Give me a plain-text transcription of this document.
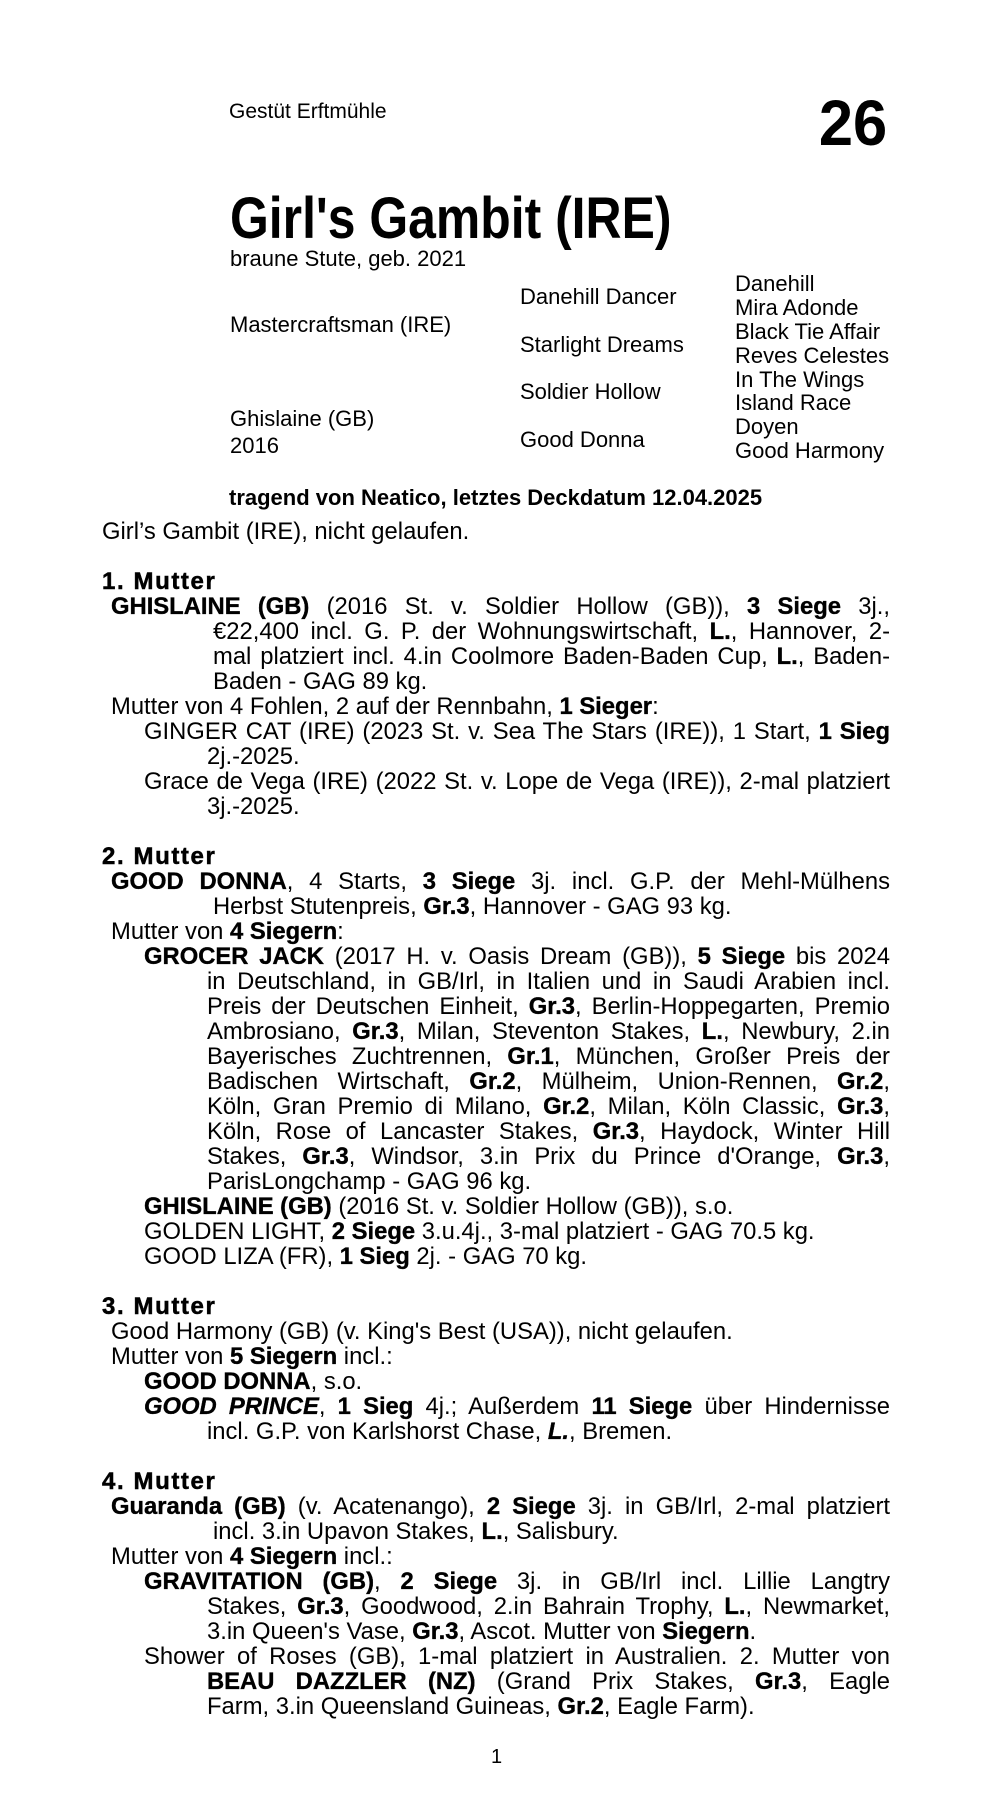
Gestüt Erftmühle	26
Girl's Gambit (IRE)
braune Stute, geb. 2021
Mastercraftsman (IRE)
Ghislaine (GB)
2016
Danehill Dancer
Starlight Dreams
Soldier Hollow
Good Donna
Danehill
Mira Adonde
Black Tie Affair
Reves Celestes
In The Wings
Island Race
Doyen
Good Harmony
tragend von Neatico, letztes Deckdatum 12.04.2025
Girl’s Gambit (IRE), nicht gelaufen.
1. Mutter
GHISLAINE (GB) (2016 St. v. Soldier Hollow (GB)), 3 Siege 3j.,
€22,400 incl. G. P. der Wohnungswirtschaft, L., Hannover, 2-
mal platziert incl. 4.in Coolmore Baden-Baden Cup, L., Baden-
Baden - GAG 89 kg.
Mutter von 4 Fohlen, 2 auf der Rennbahn, 1 Sieger:
GINGER CAT (IRE) (2023 St. v. Sea The Stars (IRE)), 1 Start, 1 Sieg
2j.-2025.
Grace de Vega (IRE) (2022 St. v. Lope de Vega (IRE)), 2-mal platziert
3j.-2025.
2. Mutter
GOOD DONNA, 4 Starts, 3 Siege 3j. incl. G.P. der Mehl-Mülhens
Herbst Stutenpreis, Gr.3, Hannover - GAG 93 kg.
Mutter von 4 Siegern:
GROCER JACK (2017 H. v. Oasis Dream (GB)), 5 Siege bis 2024
in Deutschland, in GB/Irl, in Italien und in Saudi Arabien incl.
Preis der Deutschen Einheit, Gr.3, Berlin-Hoppegarten, Premio
Ambrosiano, Gr.3, Milan, Steventon Stakes, L., Newbury, 2.in
Bayerisches Zuchtrennen, Gr.1, München, Großer Preis der
Badischen Wirtschaft, Gr.2, Mülheim, Union-Rennen, Gr.2,
Köln, Gran Premio di Milano, Gr.2, Milan, Köln Classic, Gr.3,
Köln, Rose of Lancaster Stakes, Gr.3, Haydock, Winter Hill
Stakes, Gr.3, Windsor, 3.in Prix du Prince d'Orange, Gr.3,
ParisLongchamp - GAG 96 kg.
GHISLAINE (GB) (2016 St. v. Soldier Hollow (GB)), s.o.
GOLDEN LIGHT, 2 Siege 3.u.4j., 3-mal platziert - GAG 70.5 kg.
GOOD LIZA (FR), 1 Sieg 2j. - GAG 70 kg.
3. Mutter
Good Harmony (GB) (v. King's Best (USA)), nicht gelaufen.
Mutter von 5 Siegern incl.:
GOOD DONNA, s.o.
GOOD PRINCE, 1 Sieg 4j.; Außerdem 11 Siege über Hindernisse
incl. G.P. von Karlshorst Chase, L., Bremen.
4. Mutter
Guaranda (GB) (v. Acatenango), 2 Siege 3j. in GB/Irl, 2-mal platziert
incl. 3.in Upavon Stakes, L., Salisbury.
Mutter von 4 Siegern incl.:
GRAVITATION (GB), 2 Siege 3j. in GB/Irl incl. Lillie Langtry
Stakes, Gr.3, Goodwood, 2.in Bahrain Trophy, L., Newmarket,
3.in Queen's Vase, Gr.3, Ascot. Mutter von Siegern.
Shower of Roses (GB), 1-mal platziert in Australien. 2. Mutter von
BEAU DAZZLER (NZ) (Grand Prix Stakes, Gr.3, Eagle
Farm, 3.in Queensland Guineas, Gr.2, Eagle Farm).
1
